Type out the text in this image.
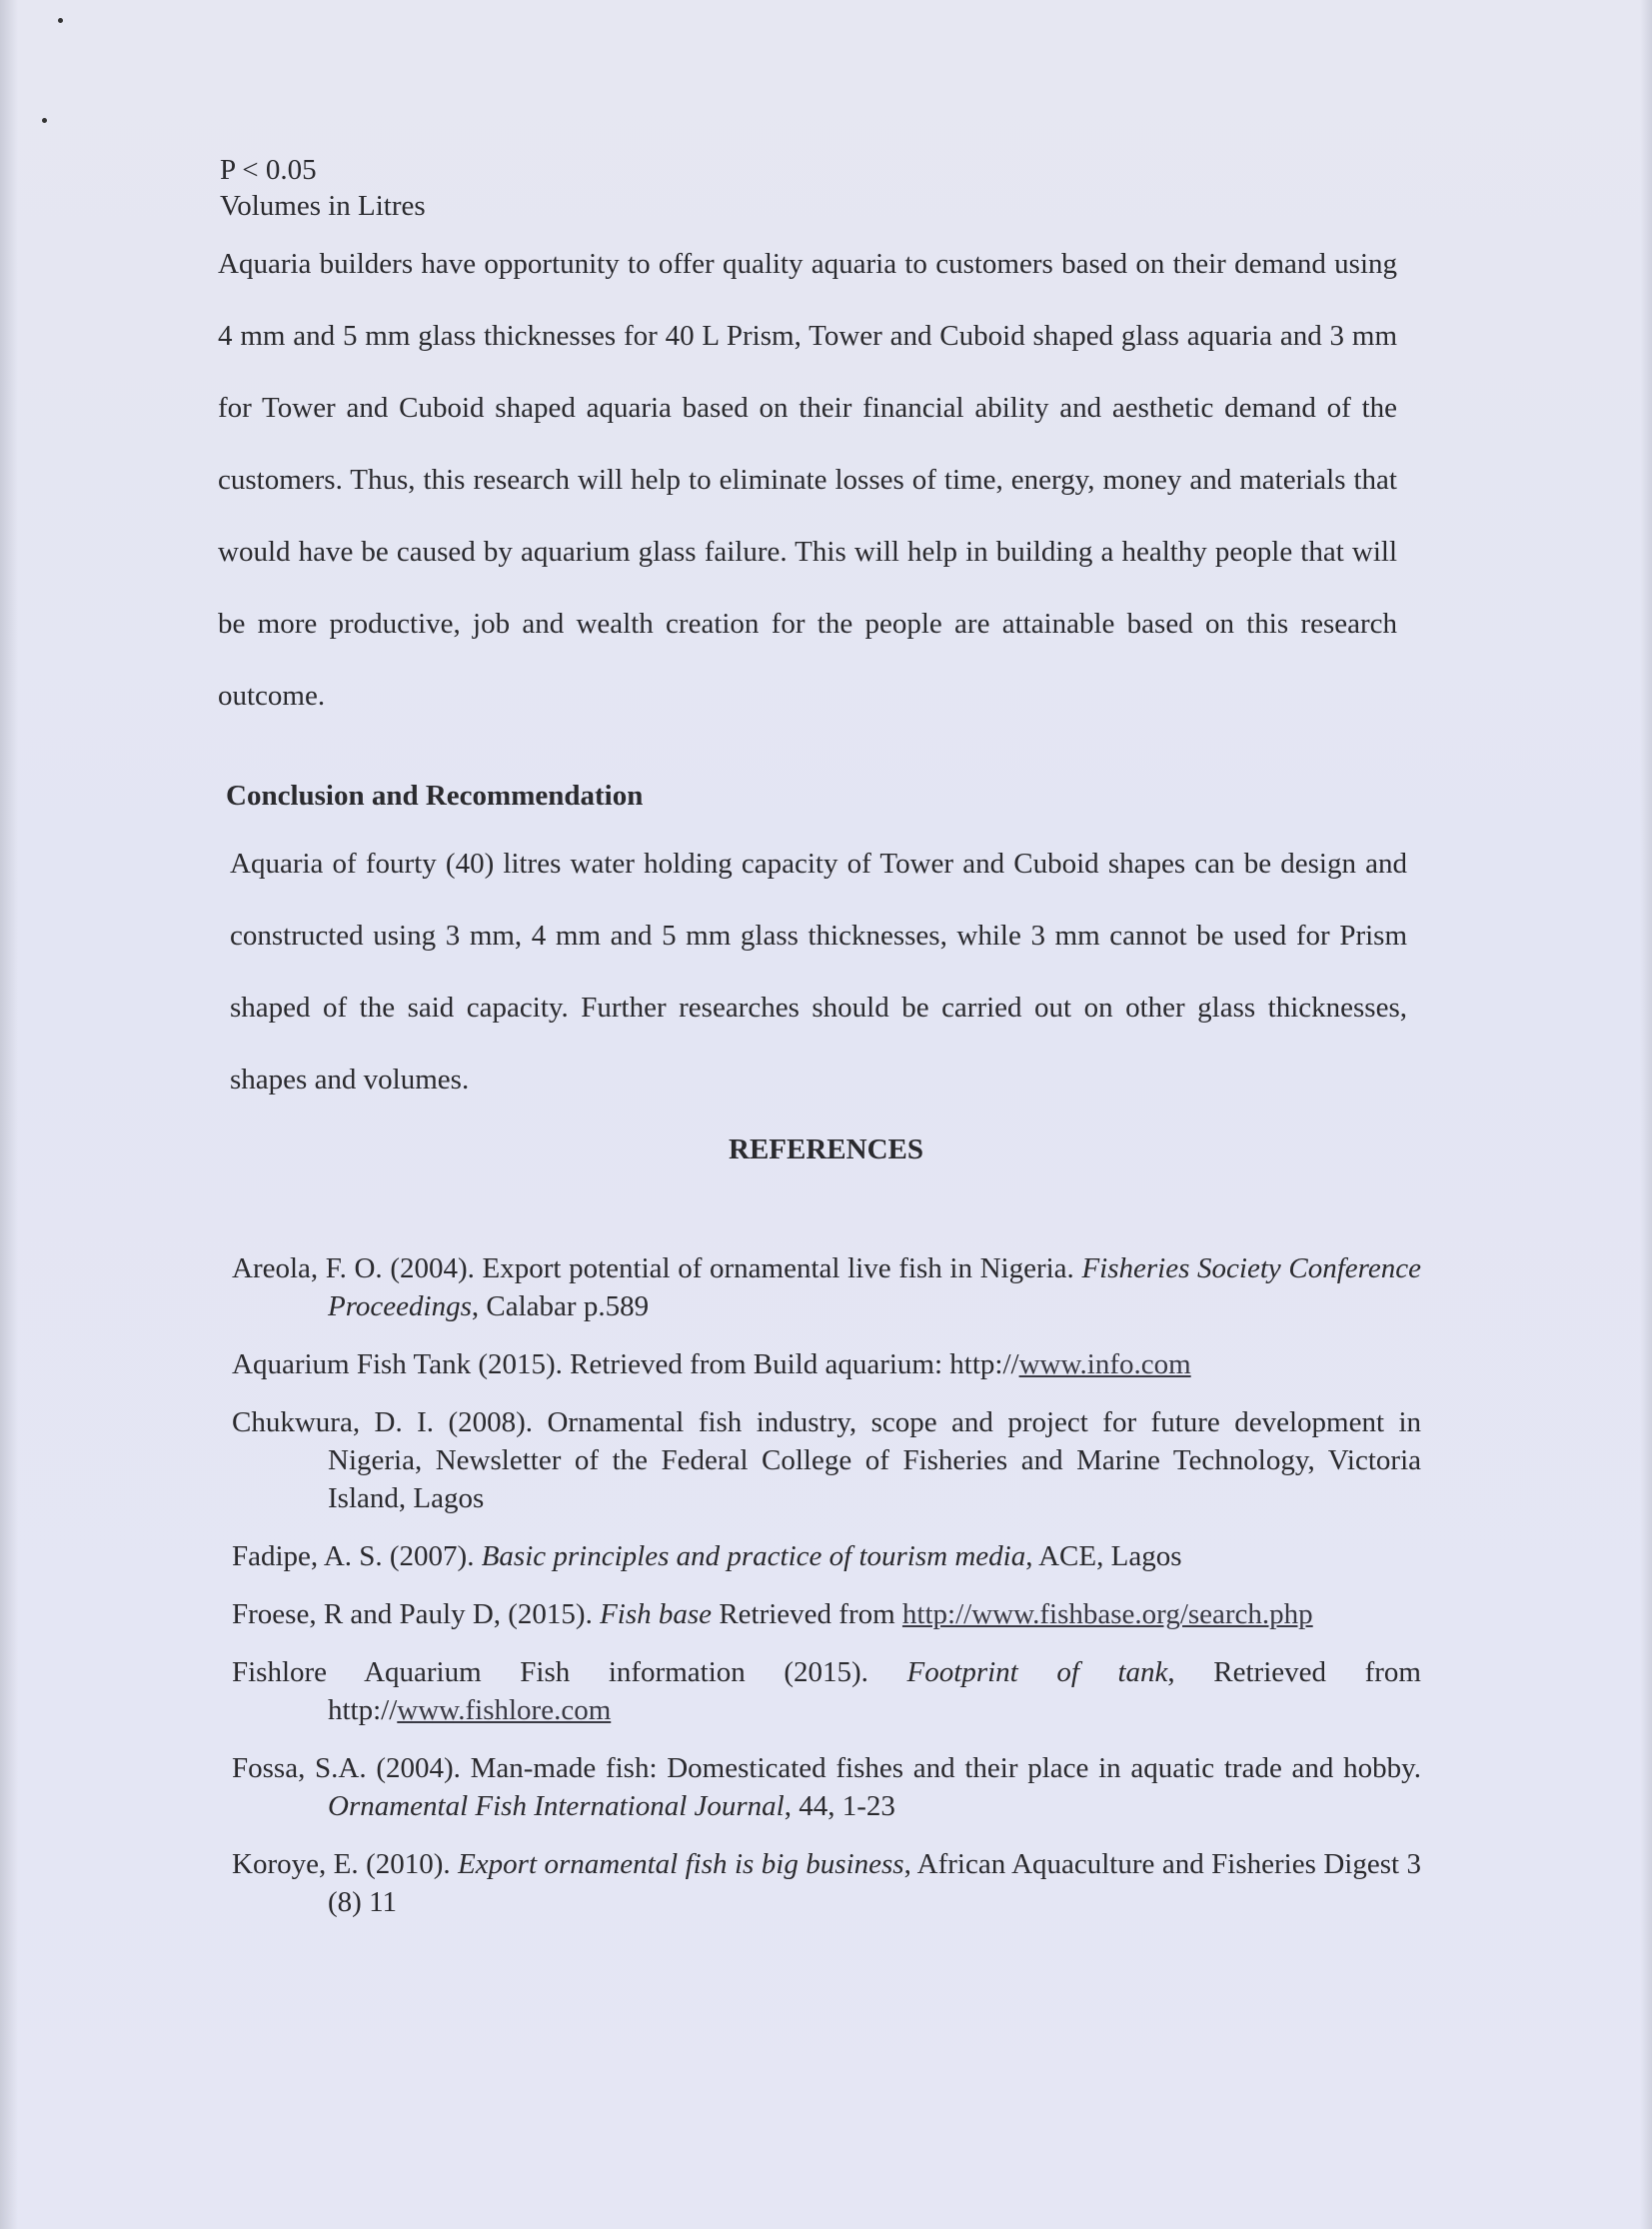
P < 0.05
Volumes in Litres
Aquaria builders have opportunity to offer quality aquaria to customers based on their demand using 4 mm and 5 mm glass thicknesses for 40 L Prism, Tower and Cuboid shaped glass aquaria and 3 mm for Tower and Cuboid shaped aquaria based on their financial ability and aesthetic demand of the customers. Thus, this research will help to eliminate losses of time, energy, money and materials that would have be caused by aquarium glass failure. This will help in building a healthy people that will be more productive, job and wealth creation for the people are attainable based on this research outcome.
Conclusion and Recommendation
Aquaria of fourty (40) litres water holding capacity of Tower and Cuboid shapes can be design and constructed using 3 mm, 4 mm and 5 mm glass thicknesses, while 3 mm cannot be used for Prism shaped of the said capacity. Further researches should be carried out on other glass thicknesses, shapes and volumes.
REFERENCES
Areola, F. O. (2004). Export potential of ornamental live fish in Nigeria. Fisheries Society Conference Proceedings, Calabar p.589
Aquarium Fish Tank (2015). Retrieved from Build aquarium: http://www.info.com
Chukwura, D. I. (2008). Ornamental fish industry, scope and project for future development in Nigeria, Newsletter of the Federal College of Fisheries and Marine Technology, Victoria Island, Lagos
Fadipe, A. S. (2007). Basic principles and practice of tourism media, ACE, Lagos
Froese, R and Pauly D, (2015). Fish base Retrieved from http://www.fishbase.org/search.php
Fishlore Aquarium Fish information (2015). Footprint of tank, Retrieved from http://www.fishlore.com
Fossa, S.A. (2004). Man-made fish: Domesticated fishes and their place in aquatic trade and hobby. Ornamental Fish International Journal, 44, 1-23
Koroye, E. (2010). Export ornamental fish is big business, African Aquaculture and Fisheries Digest 3 (8) 11
